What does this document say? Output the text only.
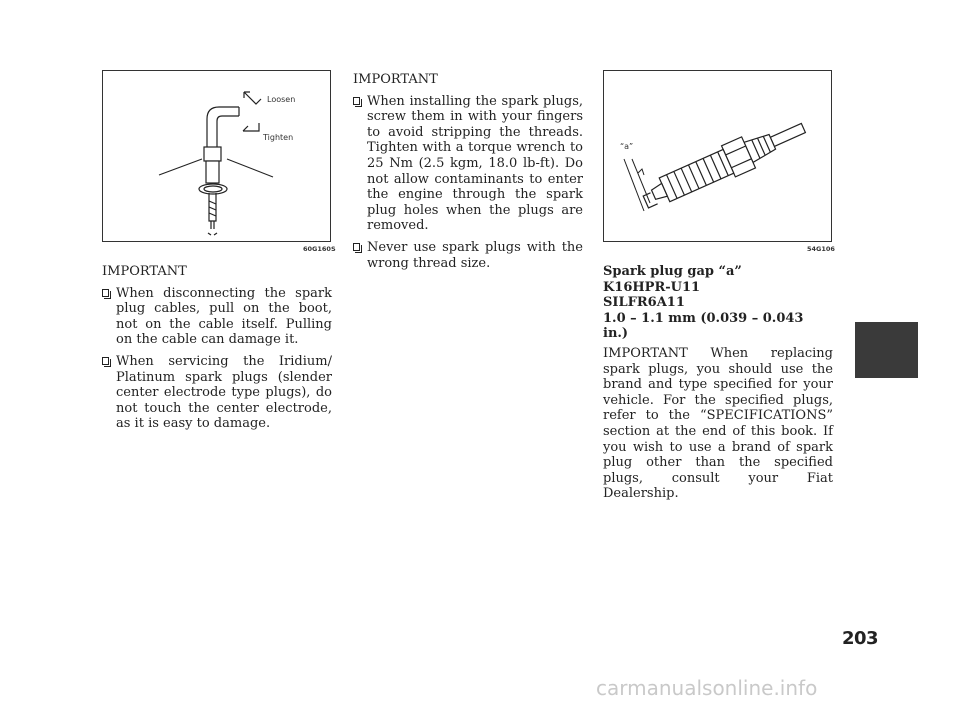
Loosen
Tighten
60G160S
“a”
54G106
IMPORTANT
When disconnecting the spark plug cables, pull on the boot, not on the cable itself. Pulling on the cable can damage it.
When servicing the Iridium/ Platinum spark plugs (slender center electrode type plugs), do not touch the center electrode, as it is easy to damage.
IMPORTANT
When installing the spark plugs, screw them in with your fingers to avoid stripping the threads. Tighten with a torque wrench to 25 Nm (2.5 kgm, 18.0 lb-ft). Do not allow contaminants to enter the engine through the spark plug holes when the plugs are removed.
Never use spark plugs with the wrong thread size.
Spark plug gap “a”
K16HPR-U11
SILFR6A11
1.0 – 1.1 mm (0.039 – 0.043 in.)

IMPORTANT When replacing spark plugs, you should use the brand and type specified for your vehicle. For the specified plugs, refer to the “SPECIFICATIONS” section at the end of this book. If you wish to use a brand of spark plug other than the specified plugs, consult your Fiat Dealership.

203
carmanualsonline.info
